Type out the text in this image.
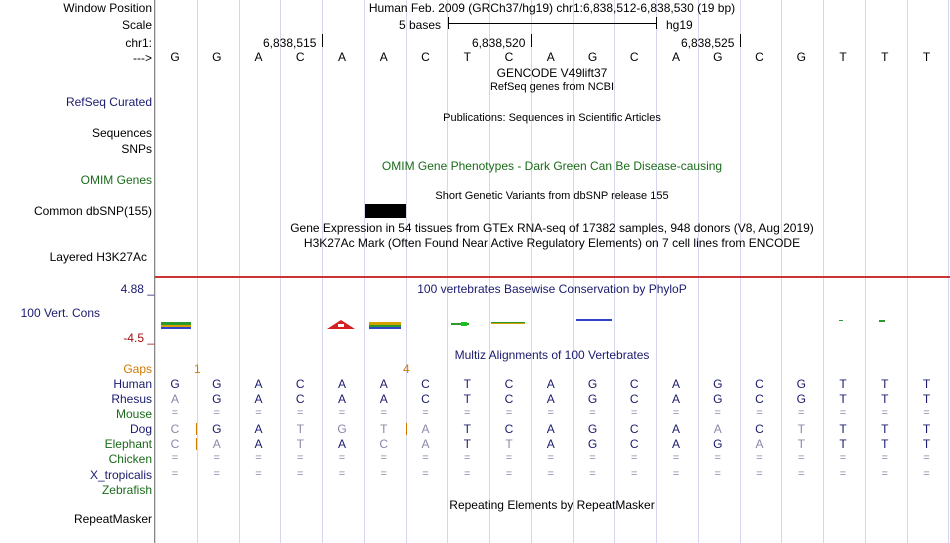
Window Position	Human Feb. 2009 (GRCh37/hg19) chr1:6,838,512-6,838,530 (19 bp)
Scale	5 bases	hg19
chr1:	6,838,515	6,838,520	6,838,525
---> G	G	A	C	A	A	C	T	C	A	G	C	A	G	C	G	T	T	T
GENCODE V49lift37
RefSeq genes from NCBI
RefSeq Curated
Publications: Sequences in Scientific Articles
Sequences
SNPs
OMIM Gene Phenotypes - Dark Green Can Be Disease-causing
OMIM Genes
Short Genetic Variants from dbSNP release 155
Common dbSNP(155)
Gene Expression in 54 tissues from GTEx RNA-seq of 17382 samples, 948 donors (V8, Aug 2019)
H3K27Ac Mark (Often Found Near Active Regulatory Elements) on 7 cell lines from ENCODE
Layered H3K27Ac
4.88 _	100 vertebrates Basewise Conservation by PhyloP
100 Vert. Cons
-4.5 _
Multiz Alignments of 100 Vertebrates
Gaps	1	4
Human G	G	A	C	A	A	C	T	C	A	G	C	A	G	C	G	T	T	T
Rhesus A	G	A	C	A	A	C	T	C	A	G	C	A	G	C	G	T	T	T
Mouse =	=	=	=	=	=	=	=	=	=	=	=	=	=	=	=	=	=	=
Dog C	G	A	T	G	T	A	T	C	A	G	C	A	A	C	T	T	T	T
Elephant C	A	A	T	A	C	A	T	T	A	G	C	A	G	A	T	T	T	T
Chicken =	=	=	=	=	=	=	=	=	=	=	=	=	=	=	=	=	=	=
X_tropicalis =	=	=	=	=	=	=	=	=	=	=	=	=	=	=	=	=	=	=
Zebrafish
Repeating Elements by RepeatMasker
RepeatMasker
